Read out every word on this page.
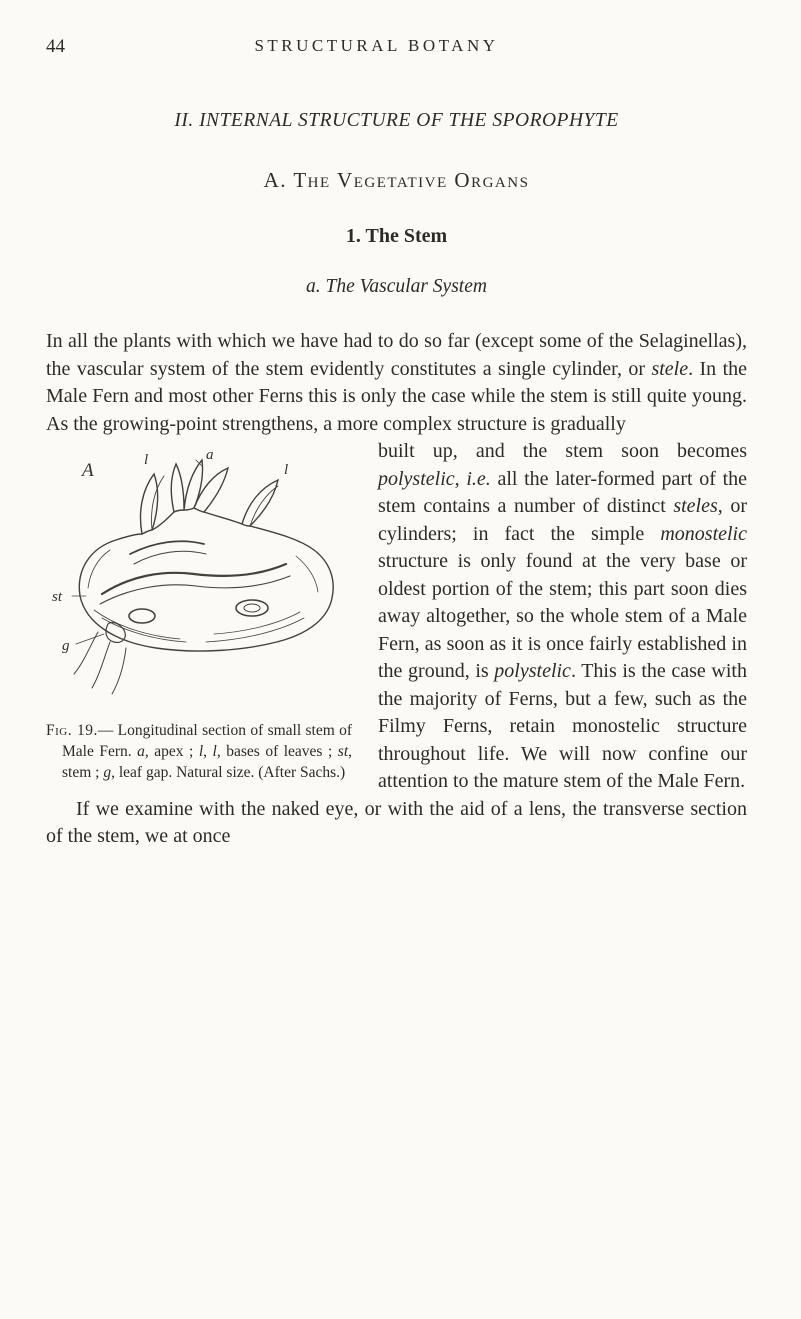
44	STRUCTURAL BOTANY
II. INTERNAL STRUCTURE OF THE SPOROPHYTE
A. The Vegetative Organs
1. The Stem
a. The Vascular System

In all the plants with which we have had to do so far (except some of the Selaginellas), the vascular system of the stem evidently constitutes a single cylinder, or stele. In the Male Fern and most other Ferns this is only the case while the stem is still quite young. As the growing-point strengthens, a more complex structure is gradually

A
a
l
l
st
g

Fig. 19.— Longitudinal section of small stem of Male Fern. a, apex ; l, l, bases of leaves ; st, stem ; g, leaf gap. Natural size. (After Sachs.)

built up, and the stem soon becomes polystelic, i.e. all the later-formed part of the stem contains a number of distinct steles, or cylinders; in fact the simple monostelic structure is only found at the very base or oldest portion of the stem; this part soon dies away altogether, so the whole stem of a Male Fern, as soon as it is once fairly established in the ground, is polystelic. This is the case with the majority of Ferns, but a few, such as the Filmy Ferns, retain monostelic structure throughout life. We will now confine our attention to the mature stem of the Male Fern.

If we examine with the naked eye, or with the aid of a lens, the transverse section of the stem, we at once
